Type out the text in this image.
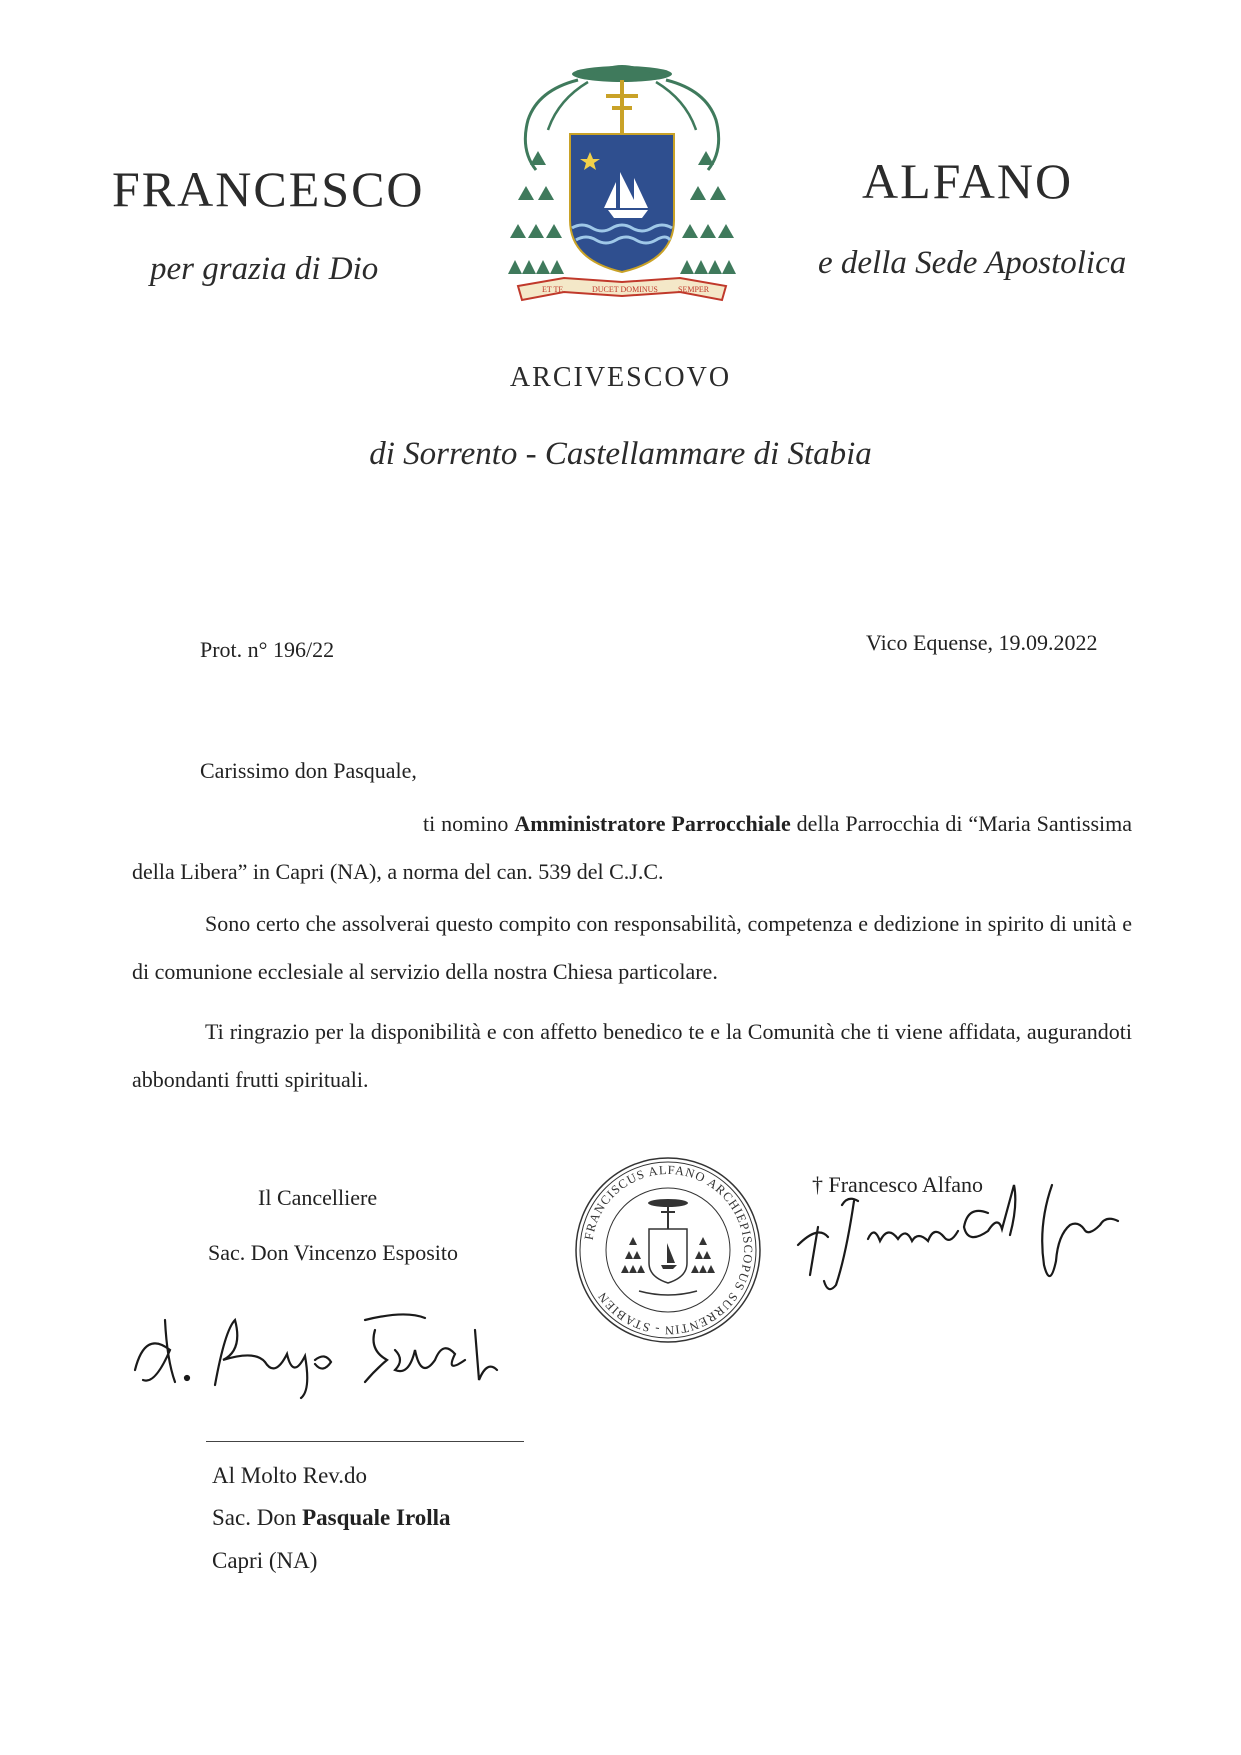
FRANCESCO	ALFANO
per grazia di Dio	e della Sede Apostolica
ET TE	DUCET DOMINUS	SEMPER
ARCIVESCOVO
di Sorrento - Castellammare di Stabia
Prot. n° 196/22	Vico Equense, 19.09.2022
Carissimo don Pasquale,
ti nomino Amministratore Parrocchiale della Parrocchia di “Maria Santissima della Libera” in Capri (NA), a norma del can. 539 del C.J.C.
Sono certo che assolverai questo compito con responsabilità, competenza e dedizione in spirito di unità e di comunione ecclesiale al servizio della nostra Chiesa particolare.
Ti ringrazio per la disponibilità e con affetto benedico te e la Comunità che ti viene affidata, augurandoti abbondanti frutti spirituali.
Il Cancelliere
Sac. Don Vincenzo Esposito
FRANCISCUS ALFANO ARCHIEPISCOPUS SURRENTIN - STABIEN
† Francesco Alfano
Al Molto Rev.do
Sac. Don Pasquale Irolla
Capri (NA)
